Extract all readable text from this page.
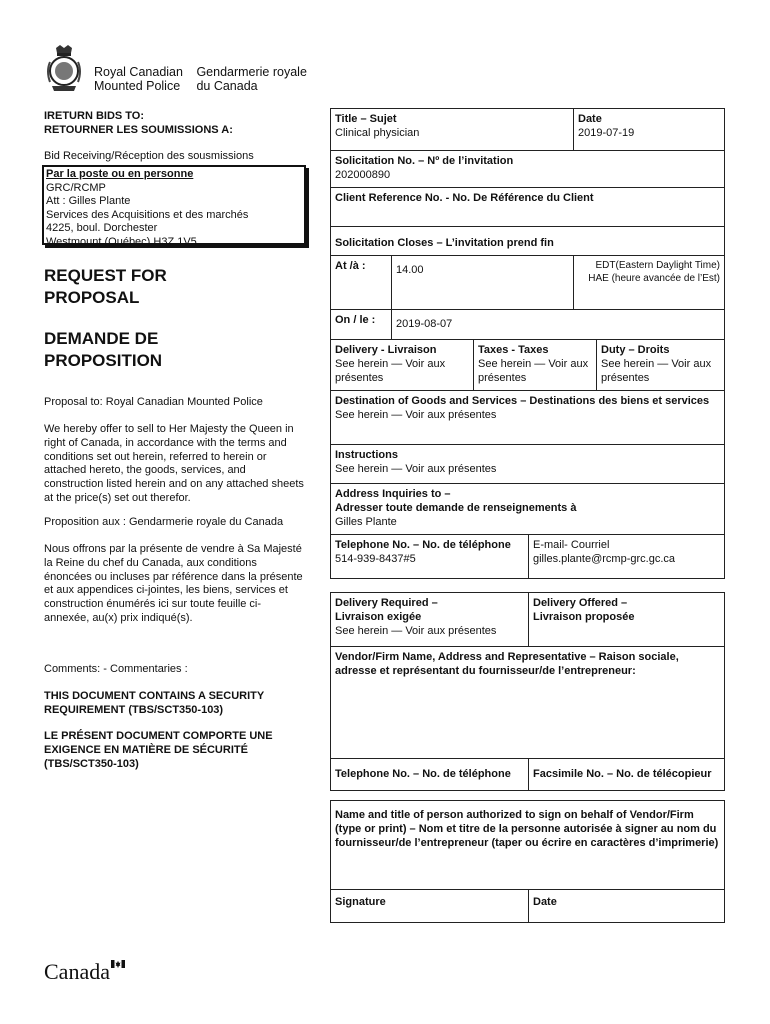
Royal Canadian
Mounted Police

Gendarmerie royale
du Canada
IRETURN BIDS TO:
RETOURNER LES SOUMISSIONS A:
Bid Receiving/Réception des sousmissions
Par la poste ou en personne
GRC/RCMP
Att : Gilles Plante
Services des Acquisitions et des marchés
4225, boul. Dorchester
Westmount (Québec) H3Z 1V5
REQUEST FOR
PROPOSAL
DEMANDE DE
PROPOSITION
Proposal to: Royal Canadian Mounted Police
We hereby offer to sell to Her Majesty the Queen in right of Canada, in accordance with the terms and conditions set out herein, referred to herein or attached hereto, the goods, services, and construction listed herein and on any attached sheets at the price(s) set out therefor.
Proposition aux : Gendarmerie royale du Canada
Nous offrons par la présente de vendre à Sa Majesté la Reine du chef du Canada, aux conditions énoncées ou incluses par référence dans la présente et aux appendices ci-jointes, les biens, services et construction énumérés ici sur toute feuille ci-annexée, au(x) prix indiqué(s).
Comments: - Commentaries :
THIS DOCUMENT CONTAINS A SECURITY REQUIREMENT (TBS/SCT350-103)
LE PRÉSENT DOCUMENT COMPORTE UNE EXIGENCE EN MATIÈRE DE SÉCURITÉ (TBS/SCT350-103)
Title – Sujet
Clinical physician
Date
2019-07-19
Solicitation No. – Nº de l’invitation
202000890
Client Reference No. - No. De Référence du Client
Solicitation Closes – L’invitation prend fin
At /à :	14.00	EDT(Eastern Daylight Time)
HAE (heure avancée de l’Est)
On / le :	2019-08-07
Delivery - Livraison
See herein — Voir aux présentes
Taxes - Taxes
See herein — Voir aux présentes
Duty – Droits
See herein — Voir aux présentes
Destination of Goods and Services – Destinations des biens et services
See herein — Voir aux présentes
Instructions
See herein — Voir aux présentes
Address Inquiries to –
Adresser toute demande de renseignements à
Gilles Plante
Telephone No. – No. de téléphone
514-939-8437#5
E-mail- Courriel
gilles.plante@rcmp-grc.gc.ca
Delivery Required –
Livraison exigée
See herein — Voir aux présentes
Delivery Offered –
Livraison proposée
Vendor/Firm Name, Address and Representative – Raison sociale, adresse et représentant du fournisseur/de l’entrepreneur:
Telephone No. – No. de téléphone	Facsimile No. – No. de télécopieur
Name and title of person authorized to sign on behalf of Vendor/Firm (type or print) – Nom et titre de la personne autorisée à signer au nom du fournisseur/de l’entrepreneur (taper ou écrire en caractères d’imprimerie)
Signature	Date
Canada
